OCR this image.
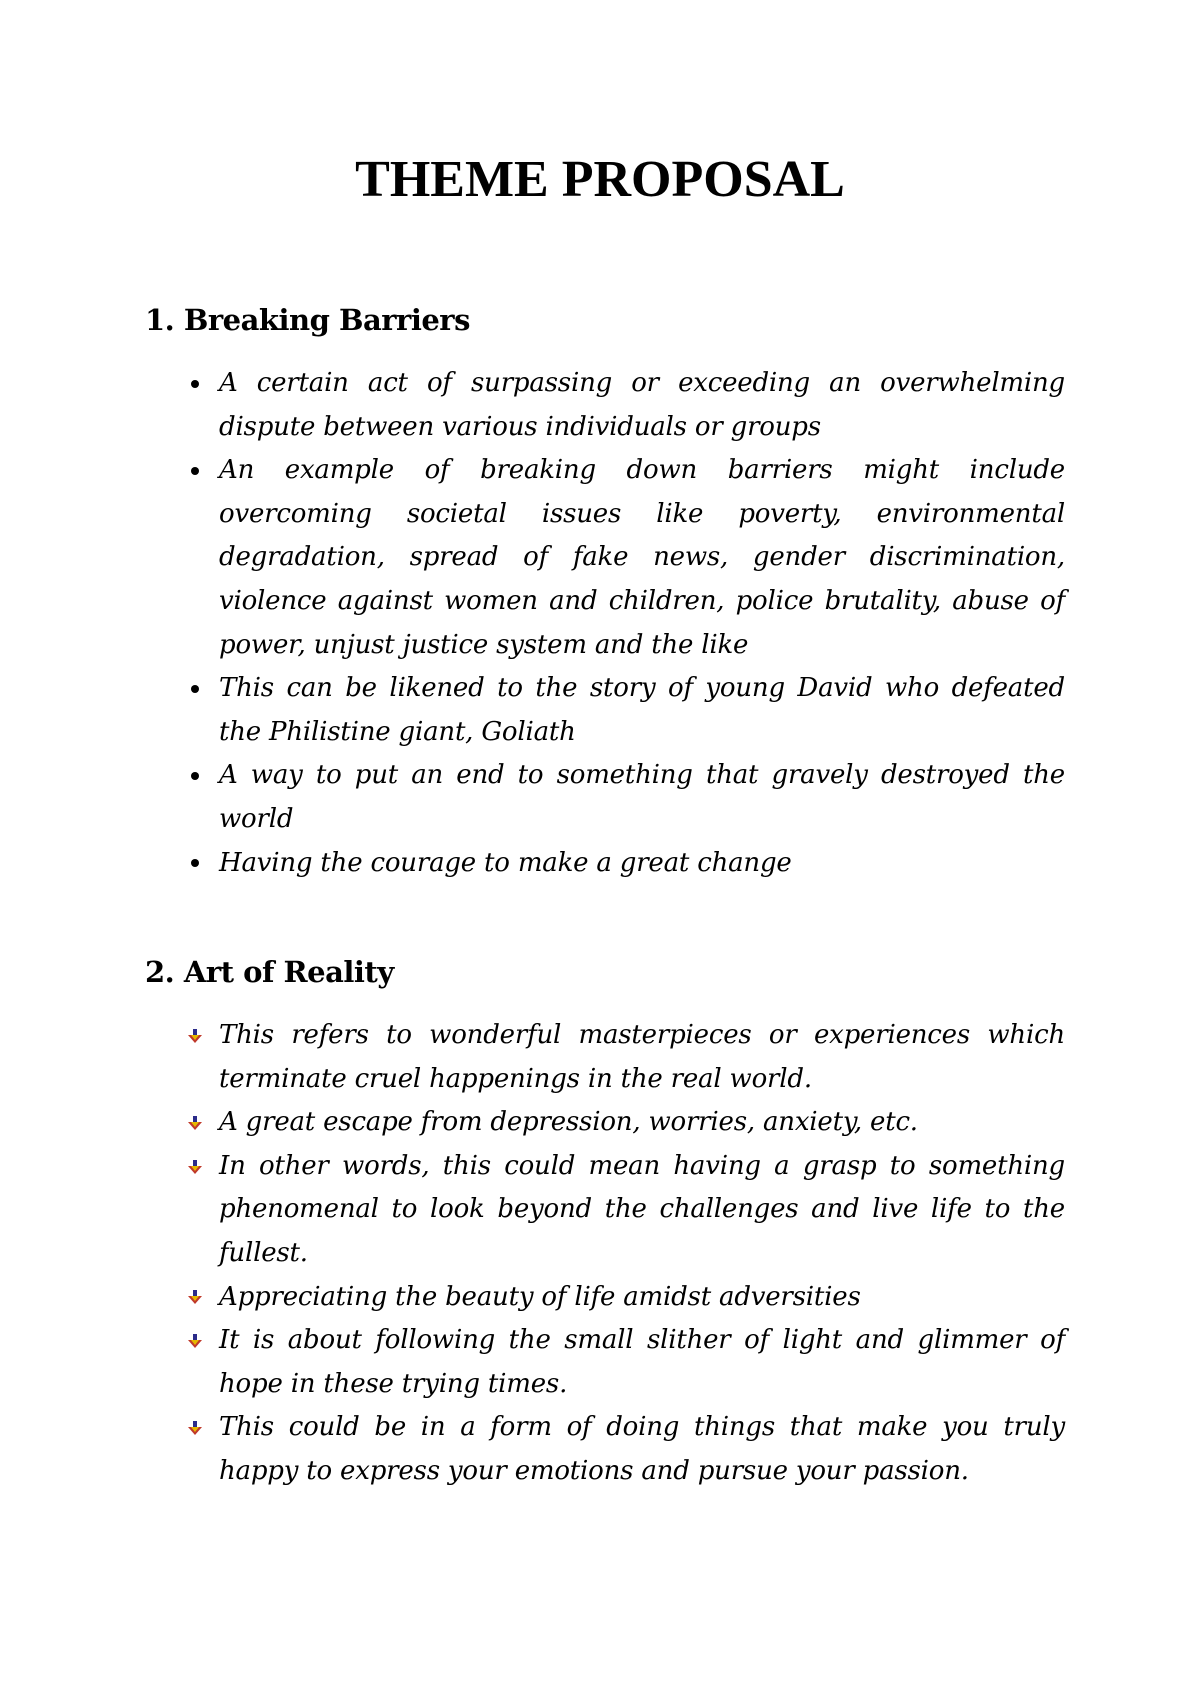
THEME PROPOSAL
1. Breaking Barriers
A certain act of surpassing or exceeding an overwhelming dispute between various individuals or groups
An example of breaking down barriers might include overcoming societal issues like poverty, environmental degradation, spread of fake news, gender discrimination, violence against women and children, police brutality, abuse of power, unjust justice system and the like
This can be likened to the story of young David who defeated the Philistine giant, Goliath
A way to put an end to something that gravely destroyed the world
Having the courage to make a great change
2. Art of Reality
This refers to wonderful masterpieces or experiences which terminate cruel happenings in the real world.
A great escape from depression, worries, anxiety, etc.
In other words, this could mean having a grasp to something phenomenal to look beyond the challenges and live life to the fullest.
Appreciating the beauty of life amidst adversities
It is about following the small slither of light and glimmer of hope in these trying times.
This could be in a form of doing things that make you truly happy to express your emotions and pursue your passion.
